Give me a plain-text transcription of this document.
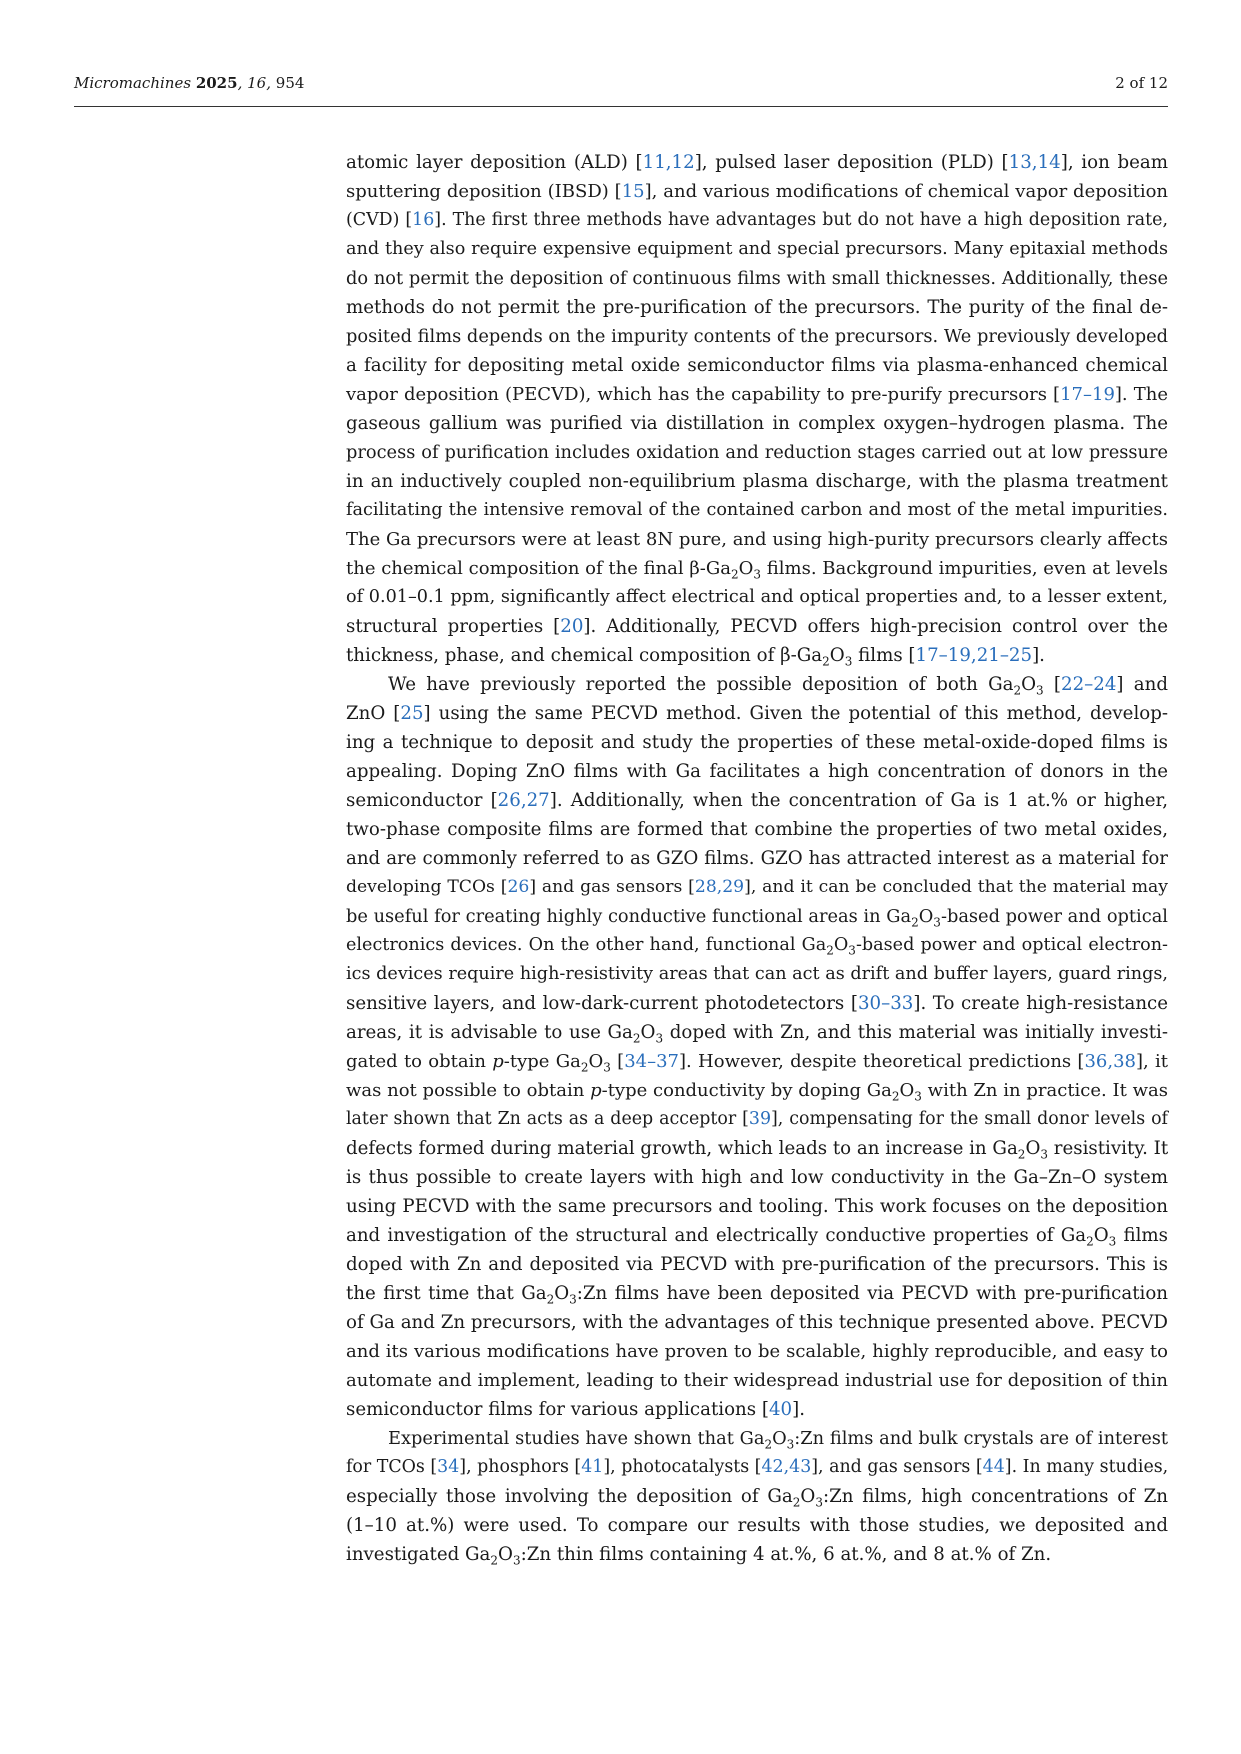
Micromachines 2025, 16, 954	2 of 12
atomic layer deposition (ALD) [11,12], pulsed laser deposition (PLD) [13,14], ion beam
sputtering deposition (IBSD) [15], and various modifications of chemical vapor deposition
(CVD) [16]. The first three methods have advantages but do not have a high deposition rate,
and they also require expensive equipment and special precursors. Many epitaxial methods
do not permit the deposition of continuous films with small thicknesses. Additionally, these
methods do not permit the pre-purification of the precursors. The purity of the final de-
posited films depends on the impurity contents of the precursors. We previously developed
a facility for depositing metal oxide semiconductor films via plasma-enhanced chemical
vapor deposition (PECVD), which has the capability to pre-purify precursors [17–19]. The
gaseous gallium was purified via distillation in complex oxygen–hydrogen plasma. The
process of purification includes oxidation and reduction stages carried out at low pressure
in an inductively coupled non-equilibrium plasma discharge, with the plasma treatment
facilitating the intensive removal of the contained carbon and most of the metal impurities.
The Ga precursors were at least 8N pure, and using high-purity precursors clearly affects
the chemical composition of the final $\beta-Ga_2O_3$ films. Background impurities, even at levels
of 0.01–0.1 ppm, significantly affect electrical and optical properties and, to a lesser extent,
structural properties [20]. Additionally, PECVD offers high-precision control over the
thickness, phase, and chemical composition of $\beta-Ga_2O_3$ films [17–19,21–25].
We have previously reported the possible deposition of both $Ga_2O_3$ [22–24] and
ZnO [25] using the same PECVD method. Given the potential of this method, develop-
ing a technique to deposit and study the properties of these metal-oxide-doped films is
appealing. Doping ZnO films with Ga facilitates a high concentration of donors in the
semiconductor [26,27]. Additionally, when the concentration of Ga is 1 at.% or higher,
two-phase composite films are formed that combine the properties of two metal oxides,
and are commonly referred to as GZO films. GZO has attracted interest as a material for
developing TCOs [26] and gas sensors [28,29], and it can be concluded that the material may
be useful for creating highly conductive functional areas in $Ga_2O_3$-based power and optical
electronics devices. On the other hand, functional $Ga_2O_3$-based power and optical electron-
ics devices require high-resistivity areas that can act as drift and buffer layers, guard rings,
sensitive layers, and low-dark-current photodetectors [30–33]. To create high-resistance
areas, it is advisable to use $Ga_2O_3$ doped with Zn, and this material was initially investi-
gated to obtain p-type $Ga_2O_3$ [34–37]. However, despite theoretical predictions [36,38], it
was not possible to obtain p-type conductivity by doping $Ga_2O_3$ with Zn in practice. It was
later shown that Zn acts as a deep acceptor [39], compensating for the small donor levels of
defects formed during material growth, which leads to an increase in $Ga_2O_3$ resistivity. It
is thus possible to create layers with high and low conductivity in the Ga–Zn–O system
using PECVD with the same precursors and tooling. This work focuses on the deposition
and investigation of the structural and electrically conductive properties of $Ga_2O_3$ films
doped with Zn and deposited via PECVD with pre-purification of the precursors. This is
the first time that $Ga_2O_3:Zn$ films have been deposited via PECVD with pre-purification
of Ga and Zn precursors, with the advantages of this technique presented above. PECVD
and its various modifications have proven to be scalable, highly reproducible, and easy to
automate and implement, leading to their widespread industrial use for deposition of thin
semiconductor films for various applications [40].
Experimental studies have shown that $Ga_2O_3:Zn$ films and bulk crystals are of interest
for TCOs [34], phosphors [41], photocatalysts [42,43], and gas sensors [44]. In many studies,
especially those involving the deposition of $Ga_2O_3:Zn$ films, high concentrations of Zn
(1–10 at.%) were used. To compare our results with those studies, we deposited and
investigated $Ga_2O_3:Zn$ thin films containing 4 at.%, 6 at.%, and 8 at.% of Zn.
